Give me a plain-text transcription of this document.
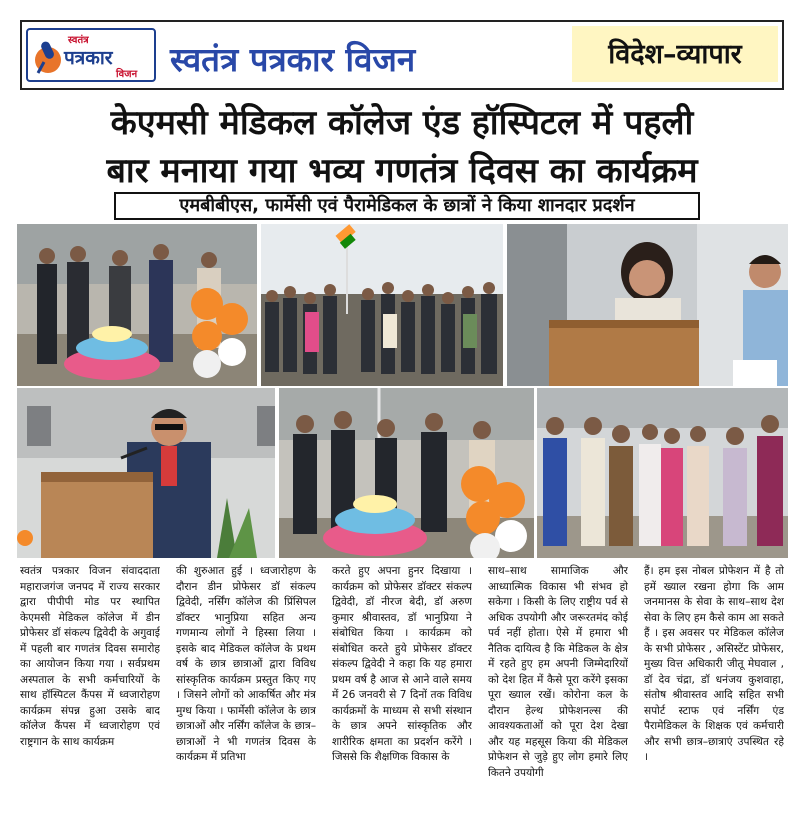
स्वतंत्र
पत्रकार
विजन स्वतंत्र पत्रकार विजन	विदेश–व्यापार
केएमसी मेडिकल कॉलेज एंड हॉस्पिटल में पहली
बार मनाया गया भव्य गणतंत्र दिवस का कार्यक्रम
एमबीबीएस, फार्मेसी एवं पैरामेडिकल के छात्रों ने किया शानदार प्रदर्शन

स्वतंत्र पत्रकार विजन संवाददाता महाराजगंज जनपद में राज्य सरकार द्वारा पीपीपी मोड पर स्थापित केएमसी मेडिकल कॉलेज में डीन प्रोफेसर डॉ संकल्प द्विवेदी के अगुवाई में पहली बार गणतंत्र दिवस समारोह का आयोजन किया गया । सर्वप्रथम अस्पताल के सभी कर्मचारियों के साथ हॉस्पिटल कैंपस में ध्वजारोहण कार्यक्रम संपन्न हुआ उसके बाद कॉलेज कैंपस में ध्वजारोहण एवं राष्ट्रगान के साथ कार्यक्रम

की शुरुआत हुई । ध्वजारोहण के दौरान डीन प्रोफेसर डॉ संकल्प द्विवेदी, नर्सिंग कॉलेज की प्रिंसिपल डॉक्टर भानुप्रिया सहित अन्य गणमान्य लोगों ने हिस्सा लिया । इसके बाद मेडिकल कॉलेज के प्रथम वर्ष के छात्र छात्राओं द्वारा विविध सांस्कृतिक कार्यक्रम प्रस्तुत किए गए । जिसने लोगों को आकर्षित और मंत्र मुग्ध किया । फार्मेसी कॉलेज के छात्र छात्राओं और नर्सिंग कॉलेज के छात्र–छात्राओं ने भी गणतंत्र दिवस के कार्यक्रम में प्रतिभा

करते हुए अपना हुनर दिखाया । कार्यक्रम को प्रोफेसर डॉक्टर संकल्प द्विवेदी, डॉ नीरज बेदी, डॉ अरुण कुमार श्रीवास्तव, डॉ भानुप्रिया ने संबोधित किया । कार्यक्रम को संबोधित करते हुये प्रोफेसर डॉक्टर संकल्प द्विवेदी ने कहा कि यह हमारा प्रथम वर्ष है आज से आने वाले समय में 26 जनवरी से 7 दिनों तक विविध कार्यक्रमों के माध्यम से सभी संस्थान के छात्र अपने सांस्कृतिक और शारीरिक क्षमता का प्रदर्शन करेंगे । जिससे कि शैक्षणिक विकास के

साथ–साथ सामाजिक और आध्यात्मिक विकास भी संभव हो सकेगा । किसी के लिए राष्ट्रीय पर्व से अधिक उपयोगी और जरूरतमंद कोई पर्व नहीं होता। ऐसे में हमारा भी नैतिक दायित्व है कि मेडिकल के क्षेत्र में रहते हुए हम अपनी जिम्मेदारियों को देश हित में कैसे पूरा करेंगे इसका पूरा ख्याल रखें। कोरोना कल के दौरान हेल्थ प्रोफेशनल्स की आवश्यकताओं को पूरा देश देखा और यह महसूस किया की मेडिकल प्रोफेशन से जुड़े हुए लोग हमारे लिए कितने उपयोगी

हैं। हम इस नोबल प्रोफेशन में है तो हमें ख्याल रखना होगा कि आम जनमानस के सेवा के साथ–साथ देश सेवा के लिए हम कैसे काम आ सकते हैं । इस अवसर पर मेडिकल कॉलेज के सभी प्रोफेसर , असिस्टेंट प्रोफेसर, मुख्य वित्त अधिकारी जीतू मेघवाल , डॉ देव चंद्रा, डॉ धनंजय कुशवाहा, संतोष श्रीवास्तव आदि सहित सभी सपोर्ट स्टाफ एवं नर्सिंग एंड पैरामेडिकल के शिक्षक एवं कर्मचारी और सभी छात्र–छात्राएं उपस्थित रहे ।
